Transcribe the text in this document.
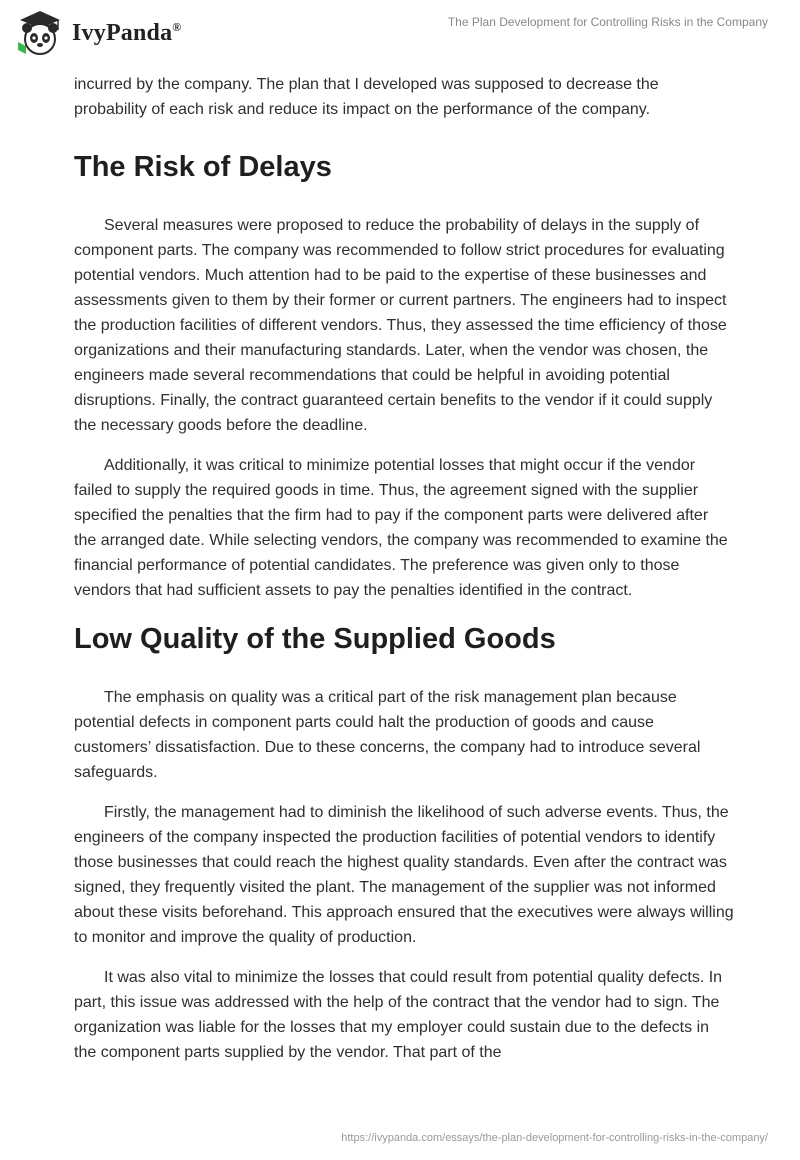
IvyPanda®	The Plan Development for Controlling Risks in the Company

incurred by the company. The plan that I developed was supposed to decrease the probability of each risk and reduce its impact on the performance of the company.

The Risk of Delays

Several measures were proposed to reduce the probability of delays in the supply of component parts. The company was recommended to follow strict procedures for evaluating potential vendors. Much attention had to be paid to the expertise of these businesses and assessments given to them by their former or current partners. The engineers had to inspect the production facilities of different vendors. Thus, they assessed the time efficiency of those organizations and their manufacturing standards. Later, when the vendor was chosen, the engineers made several recommendations that could be helpful in avoiding potential disruptions. Finally, the contract guaranteed certain benefits to the vendor if it could supply the necessary goods before the deadline.

Additionally, it was critical to minimize potential losses that might occur if the vendor failed to supply the required goods in time. Thus, the agreement signed with the supplier specified the penalties that the firm had to pay if the component parts were delivered after the arranged date. While selecting vendors, the company was recommended to examine the financial performance of potential candidates. The preference was given only to those vendors that had sufficient assets to pay the penalties identified in the contract.

Low Quality of the Supplied Goods

The emphasis on quality was a critical part of the risk management plan because potential defects in component parts could halt the production of goods and cause customers’ dissatisfaction. Due to these concerns, the company had to introduce several safeguards.

Firstly, the management had to diminish the likelihood of such adverse events. Thus, the engineers of the company inspected the production facilities of potential vendors to identify those businesses that could reach the highest quality standards. Even after the contract was signed, they frequently visited the plant. The management of the supplier was not informed about these visits beforehand. This approach ensured that the executives were always willing to monitor and improve the quality of production.

It was also vital to minimize the losses that could result from potential quality defects. In part, this issue was addressed with the help of the contract that the vendor had to sign. The organization was liable for the losses that my employer could sustain due to the defects in the component parts supplied by the vendor. That part of the

https://ivypanda.com/essays/the-plan-development-for-controlling-risks-in-the-company/
